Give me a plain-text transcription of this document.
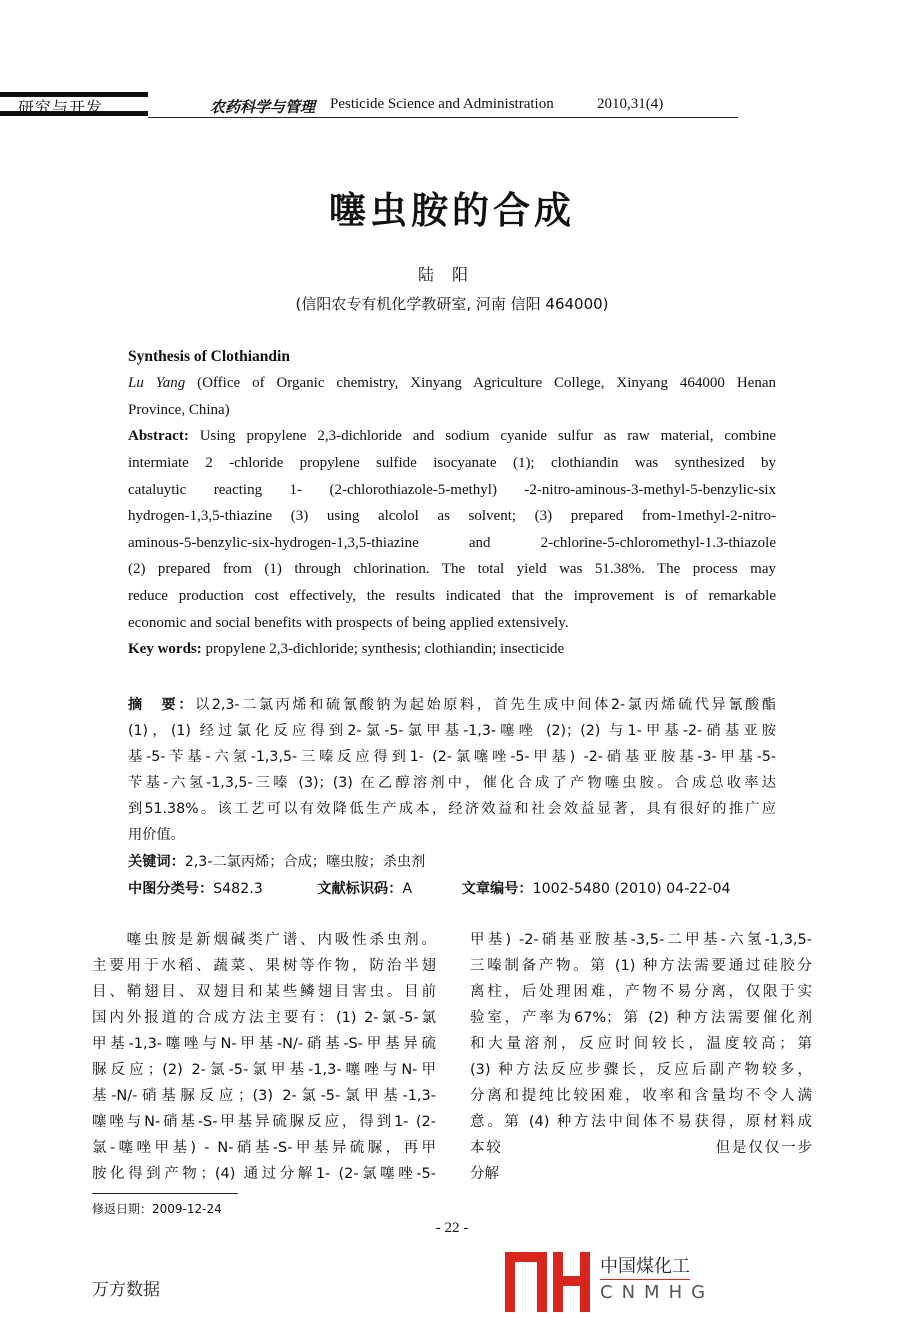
研究与开发	农药科学与管理 Pesticide Science and Administration	2010,31(4)
噻虫胺的合成
陆阳
(信阳农专有机化学教研室, 河南 信阳 464000)
Synthesis of Clothiandin
Lu Yang (Office of Organic chemistry, Xinyang Agriculture College, Xinyang 464000 Henan
Province, China)
Abstract: Using propylene 2,3-dichloride and sodium cyanide sulfur as raw material, combine
intermiate 2 -chloride propylene sulfide isocyanate (1); clothiandin was synthesized by
cataluytic reacting 1- (2-chlorothiazole-5-methyl) -2-nitro-aminous-3-methyl-5-benzylic-six
hydrogen-1,3,5-thiazine (3) using alcolol as solvent; (3) prepared from-1methyl-2-nitro-
aminous-5-benzylic-six-hydrogen-1,3,5-thiazine and 2-chlorine-5-chloromethyl-1.3-thiazole
(2) prepared from (1) through chlorination. The total yield was 51.38%. The process may
reduce production cost effectively, the results indicated that the improvement is of remarkable
economic and social benefits with prospects of being applied extensively.
Key words: propylene 2,3-dichloride; synthesis; clothiandin; insecticide
摘　要：以2,3-二氯丙烯和硫氰酸钠为起始原料，首先生成中间体2-氯丙烯硫代异氰酸酯
(1)，(1) 经过氯化反应得到2-氯-5-氯甲基-1,3-噻唑 (2)；(2) 与1-甲基-2-硝基亚胺
基-5-苄基-六氢-1,3,5-三嗪反应得到1- (2-氯噻唑-5-甲基) -2-硝基亚胺基-3-甲基-5-
苄基-六氢-1,3,5-三嗪 (3)；(3) 在乙醇溶剂中，催化合成了产物噻虫胺。合成总收率达
到51.38%。该工艺可以有效降低生产成本，经济效益和社会效益显著，具有很好的推广应
用价值。
关键词：2,3-二氯丙烯；合成；噻虫胺；杀虫剂
中图分类号：S482.3	文献标识码：A	文章编号：1002-5480 (2010) 04-22-04
　　噻虫胺是新烟碱类广谱、内吸性杀虫剂。
主要用于水稻、蔬菜、果树等作物，防治半翅
目、鞘翅目、双翅目和某些鳞翅目害虫。目前
国内外报道的合成方法主要有：(1) 2-氯-5-氯
甲基-1,3-噻唑与N-甲基-N/-硝基-S-甲基异硫
脲反应；(2) 2-氯-5-氯甲基-1,3-噻唑与N-甲
基-N/-硝基脲反应；(3) 2-氯-5-氯甲基-1,3-
噻唑与N-硝基-S-甲基异硫脲反应，得到1- (2-
氯-噻唑甲基) - N-硝基-S-甲基异硫脲，再甲
胺化得到产物；(4) 通过分解1- (2-氯噻唑-5-
甲基) -2-硝基亚胺基-3,5-二甲基-六氢-1,3,5-
三嗪制备产物。第 (1) 种方法需要通过硅胶分
离柱，后处理困难，产物不易分离，仅限于实
验室，产率为67%；第 (2) 种方法需要催化剂
和大量溶剂，反应时间较长，温度较高；第
(3) 种方法反应步骤长，反应后副产物较多，
分离和提纯比较困难，收率和含量均不令人满
意。第 (4) 种方法中间体不易获得，原材料成
本较　　　　　　　　　　　　　但是仅仅一步
分解
修返日期：2009-12-24
- 22 -
万方数据
中国煤化工
CNMHG
